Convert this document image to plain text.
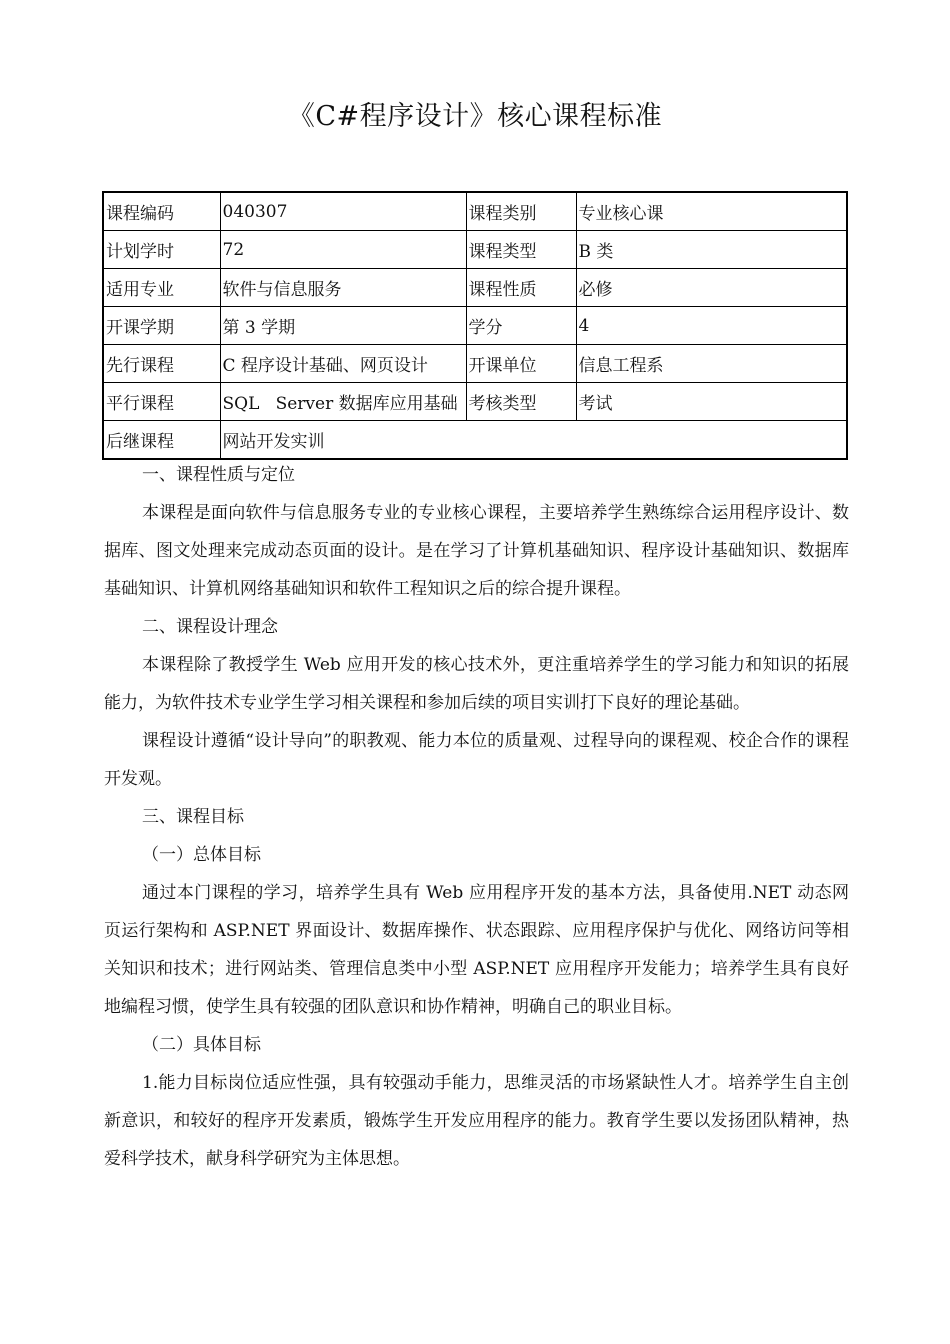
《C#程序设计》核心课程标准
课程编码	040307	课程类别	专业核心课
计划学时	72	课程类型	B 类
适用专业	软件与信息服务	课程性质	必修
开课学期	第 3 学期	学分	4
先行课程	C 程序设计基础、网页设计	开课单位	信息工程系
平行课程	SQL   Server 数据库应用基础	考核类型	考试
后继课程	网站开发实训		

一、课程性质与定位

本课程是面向软件与信息服务专业的专业核心课程，主要培养学生熟练综合运用程序设计、数据库、图文处理来完成动态页面的设计。是在学习了计算机基础知识、程序设计基础知识、数据库基础知识、计算机网络基础知识和软件工程知识之后的综合提升课程。

二、课程设计理念

本课程除了教授学生 Web 应用开发的核心技术外，更注重培养学生的学习能力和知识的拓展能力，为软件技术专业学生学习相关课程和参加后续的项目实训打下良好的理论基础。

课程设计遵循“设计导向”的职教观、能力本位的质量观、过程导向的课程观、校企合作的课程开发观。

三、课程目标

（一）总体目标

通过本门课程的学习，培养学生具有 Web 应用程序开发的基本方法，具备使用.NET 动态网页运行架构和 ASP.NET 界面设计、数据库操作、状态跟踪、应用程序保护与优化、网络访问等相关知识和技术；进行网站类、管理信息类中小型 ASP.NET 应用程序开发能力；培养学生具有良好地编程习惯，使学生具有较强的团队意识和协作精神，明确自己的职业目标。

（二）具体目标

1.能力目标岗位适应性强，具有较强动手能力，思维灵活的市场紧缺性人才。培养学生自主创新意识，和较好的程序开发素质，锻炼学生开发应用程序的能力。教育学生要以发扬团队精神，热爱科学技术，献身科学研究为主体思想。
